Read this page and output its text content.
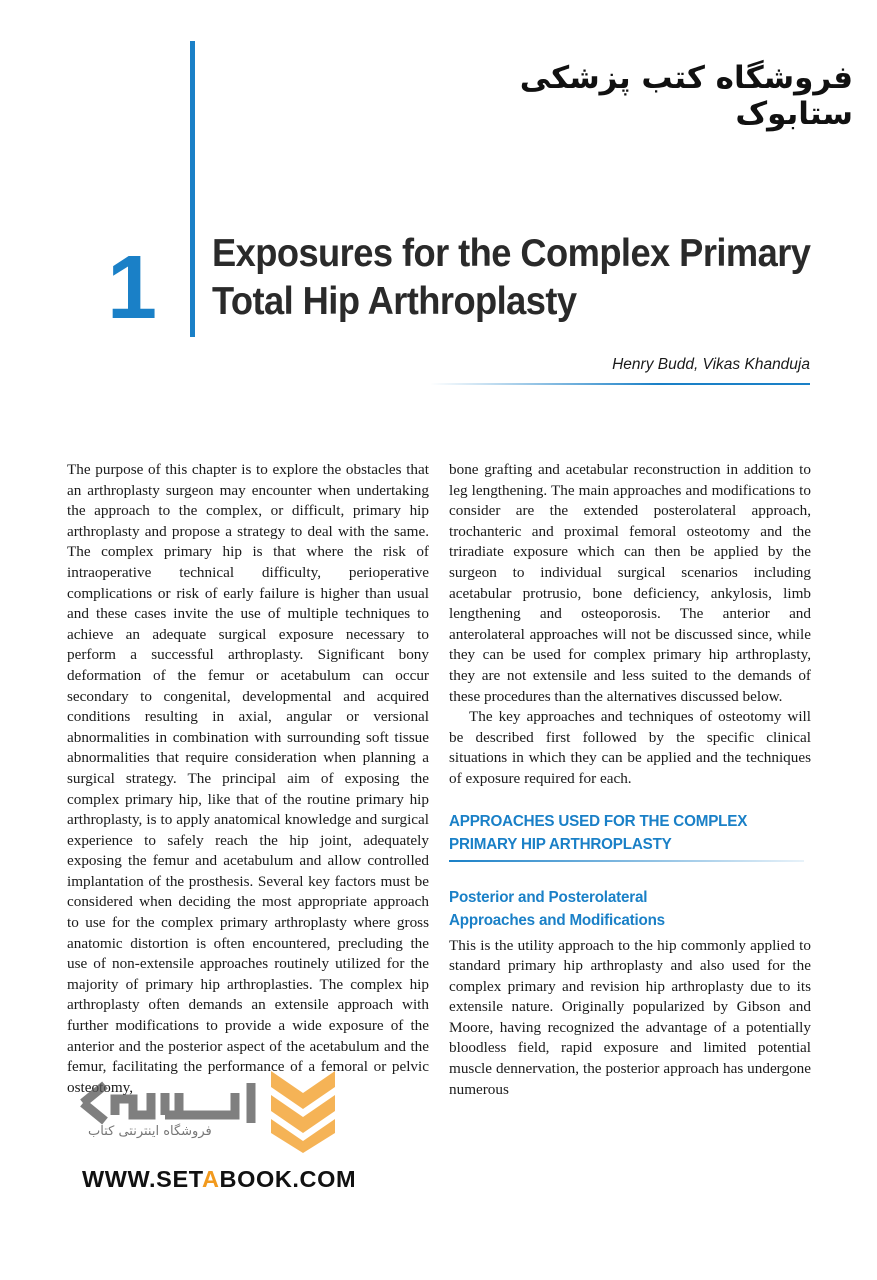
فروشگاه کتب پزشکی ستابوک
1 Exposures for the Complex Primary
Total Hip Arthroplasty
Henry Budd, Vikas Khanduja

The purpose of this chapter is to explore the obstacles that an arthroplasty surgeon may encounter when undertaking the approach to the complex, or difficult, primary hip arthroplasty and propose a strategy to deal with the same. The complex primary hip is that where the risk of intraoperative technical difficulty, perioperative complications or risk of early failure is higher than usual and these cases invite the use of multiple techniques to achieve an adequate surgical exposure necessary to perform a successful arthroplasty. Significant bony deformation of the femur or acetabulum can occur secondary to congenital, developmental and acquired conditions resulting in axial, angular or versional abnormalities in combination with surrounding soft tissue abnormalities that require consideration when planning a surgical strategy. The principal aim of exposing the complex primary hip, like that of the routine primary hip arthroplasty, is to apply anatomical knowledge and surgical experience to safely reach the hip joint, adequately exposing the femur and acetabulum and allow controlled implantation of the prosthesis. Several key factors must be considered when deciding the most appropriate approach to use for the complex primary arthroplasty where gross anatomic distortion is often encountered, precluding the use of non-extensile approaches routinely utilized for the majority of primary hip arthroplasties. The complex hip arthroplasty often demands an extensile approach with further modifications to provide a wide exposure of the anterior and the posterior aspect of the acetabulum and the femur, facilitating the performance of a femoral or pelvic osteotomy,

bone grafting and acetabular reconstruction in addition to leg lengthening. The main approaches and modifications to consider are the extended posterolateral approach, trochanteric and proximal femoral osteotomy and the triradiate exposure which can then be applied by the surgeon to individual surgical scenarios including acetabular protrusio, bone deficiency, ankylosis, limb lengthening and osteoporosis. The anterior and anterolateral approaches will not be discussed since, while they can be used for complex primary hip arthroplasty, they are not extensile and less suited to the demands of these procedures than the alternatives discussed below.

The key approaches and techniques of osteotomy will be described first followed by the specific clinical situations in which they can be applied and the techniques of exposure required for each.

APPROACHES USED FOR THE COMPLEX
PRIMARY HIP ARTHROPLASTY
Posterior and Posterolateral
Approaches and Modifications

This is the utility approach to the hip commonly applied to standard primary hip arthroplasty and also used for the complex primary and revision hip arthroplasty due to its extensile nature. Originally popularized by Gibson and Moore, having recognized the advantage of a potentially bloodless field, rapid exposure and limited potential muscle dennervation, the posterior approach has undergone numerous

فروشگاه اینترنتی کتاب
WWW.SETABOOK.COM
